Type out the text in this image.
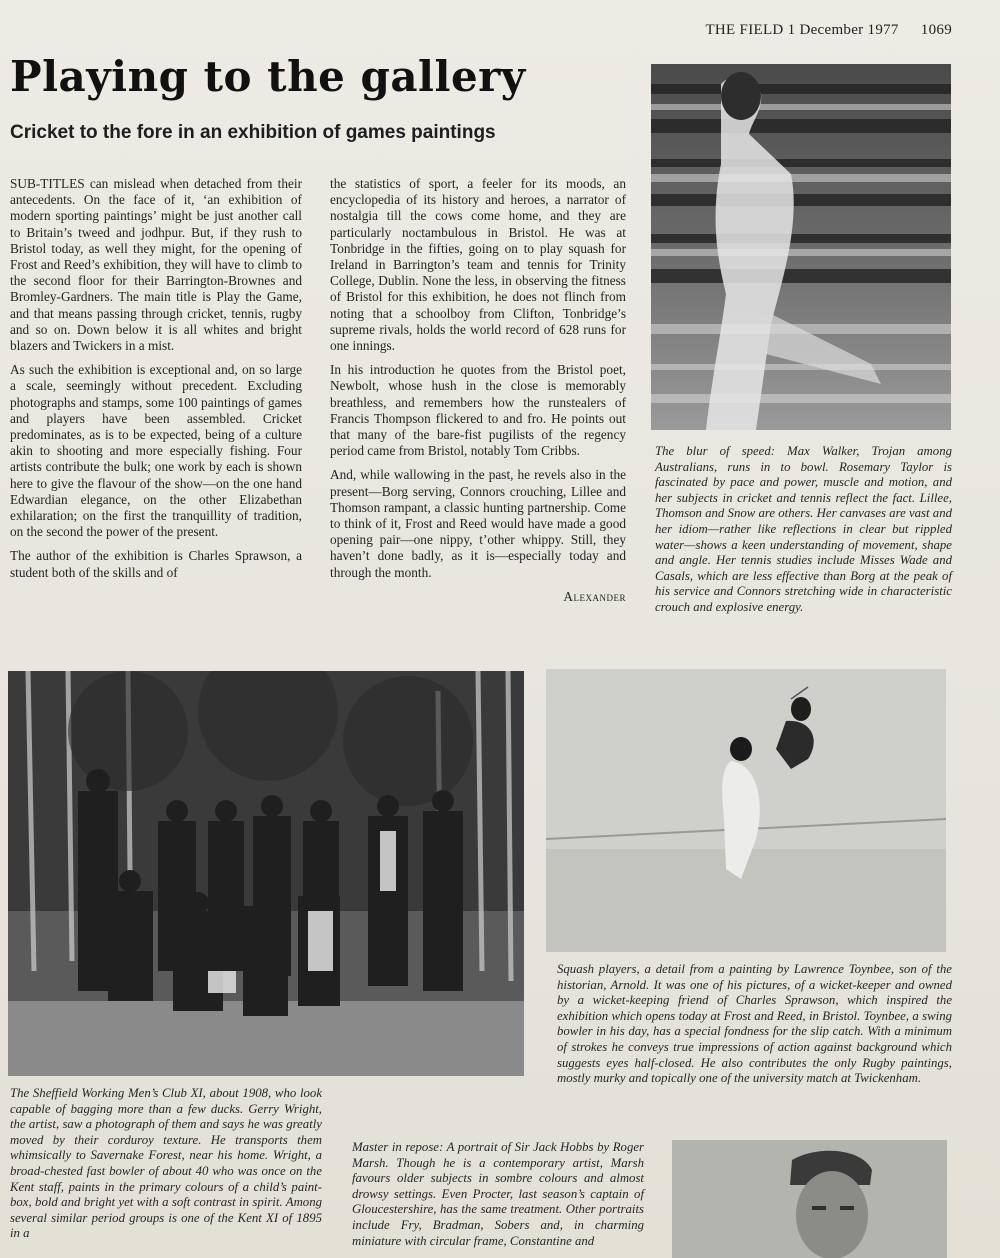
THE FIELD 1 December 1977 1069
Playing to the gallery
Cricket to the fore in an exhibition of games paintings

SUB-TITLES can mislead when detached from their antecedents. On the face of it, ‘an exhibition of modern sporting paintings’ might be just another call to Britain’s tweed and jodhpur. But, if they rush to Bristol today, as well they might, for the opening of Frost and Reed’s exhibition, they will have to climb to the second floor for their Barrington-Brownes and Bromley-Gardners. The main title is Play the Game, and that means passing through cricket, tennis, rugby and so on. Down below it is all whites and bright blazers and Twickers in a mist.

As such the exhibition is exceptional and, on so large a scale, seemingly without precedent. Excluding photographs and stamps, some 100 paintings of games and players have been assembled. Cricket predominates, as is to be expected, being of a culture akin to shooting and more especially fishing. Four artists contribute the bulk; one work by each is shown here to give the flavour of the show—on the one hand Edwardian elegance, on the other Elizabethan exhilaration; on the first the tranquillity of tradition, on the second the power of the present.

The author of the exhibition is Charles Sprawson, a student both of the skills and of

the statistics of sport, a feeler for its moods, an encyclopedia of its history and heroes, a narrator of nostalgia till the cows come home, and they are particularly noctambulous in Bristol. He was at Tonbridge in the fifties, going on to play squash for Ireland in Barrington’s team and tennis for Trinity College, Dublin. None the less, in observing the fitness of Bristol for this exhibition, he does not flinch from noting that a schoolboy from Clifton, Tonbridge’s supreme rivals, holds the world record of 628 runs for one innings.

In his introduction he quotes from the Bristol poet, Newbolt, whose hush in the close is memorably breathless, and remembers how the runstealers of Francis Thompson flickered to and fro. He points out that many of the bare-fist pugilists of the regency period came from Bristol, notably Tom Cribbs.

And, while wallowing in the past, he revels also in the present—Borg serving, Connors crouching, Lillee and Thomson rampant, a classic hunting partnership. Come to think of it, Frost and Reed would have made a good opening pair—one nippy, t’other whippy. Still, they haven’t done badly, as it is—especially today and through the month.

Alexander

The blur of speed: Max Walker, Trojan among Australians, runs in to bowl. Rosemary Taylor is fascinated by pace and power, muscle and motion, and her subjects in cricket and tennis reflect the fact. Lillee, Thomson and Snow are others. Her canvases are vast and her idiom—rather like reflections in clear but rippled water—shows a keen understanding of movement, shape and angle. Her tennis studies include Misses Wade and Casals, which are less effective than Borg at the peak of his service and Connors stretching wide in characteristic crouch and explosive energy.
The Sheffield Working Men’s Club XI, about 1908, who look capable of bagging more than a few ducks. Gerry Wright, the artist, saw a photograph of them and says he was greatly moved by their corduroy texture. He transports them whimsically to Savernake Forest, near his home. Wright, a broad-chested fast bowler of about 40 who was once on the Kent staff, paints in the primary colours of a child’s paint-box, bold and bright yet with a soft contrast in spirit. Among several similar period groups is one of the Kent XI of 1895 in a
Squash players, a detail from a painting by Lawrence Toynbee, son of the historian, Arnold. It was one of his pictures, of a wicket-keeper and owned by a wicket-keeping friend of Charles Sprawson, which inspired the exhibition which opens today at Frost and Reed, in Bristol. Toynbee, a swing bowler in his day, has a special fondness for the slip catch. With a minimum of strokes he conveys true impressions of action against background which suggests eyes half-closed. He also contributes the only Rugby paintings, mostly murky and topically one of the university match at Twickenham.
Master in repose: A portrait of Sir Jack Hobbs by Roger Marsh. Though he is a contemporary artist, Marsh favours older subjects in sombre colours and almost drowsy settings. Even Procter, last season’s captain of Gloucestershire, has the same treatment. Other portraits include Fry, Bradman, Sobers and, in charming miniature with circular frame, Constantine and
